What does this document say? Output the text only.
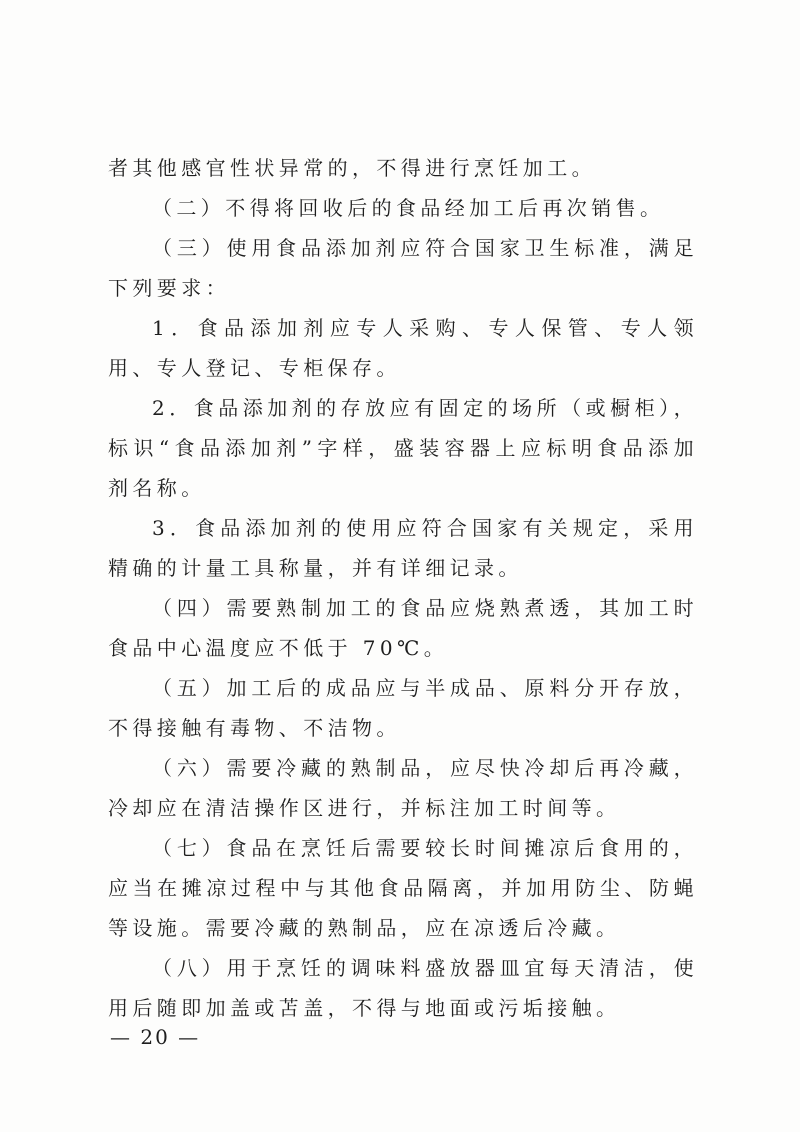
者其他感官性状异常的，不得进行烹饪加工。

（二）不得将回收后的食品经加工后再次销售。

（三）使用食品添加剂应符合国家卫生标准，满足下列要求：

1．食品添加剂应专人采购、专人保管、专人领用、专人登记、专柜保存。

2．食品添加剂的存放应有固定的场所（或橱柜），标识“食品添加剂”字样，盛装容器上应标明食品添加剂名称。

3．食品添加剂的使用应符合国家有关规定，采用精确的计量工具称量，并有详细记录。

（四）需要熟制加工的食品应烧熟煮透，其加工时食品中心温度应不低于 70℃。

（五）加工后的成品应与半成品、原料分开存放，不得接触有毒物、不洁物。

（六）需要冷藏的熟制品，应尽快冷却后再冷藏，冷却应在清洁操作区进行，并标注加工时间等。

（七）食品在烹饪后需要较长时间摊凉后食用的，应当在摊凉过程中与其他食品隔离，并加用防尘、防蝇等设施。需要冷藏的熟制品，应在凉透后冷藏。

（八）用于烹饪的调味料盛放器皿宜每天清洁，使用后随即加盖或苫盖，不得与地面或污垢接触。

— 20 —
